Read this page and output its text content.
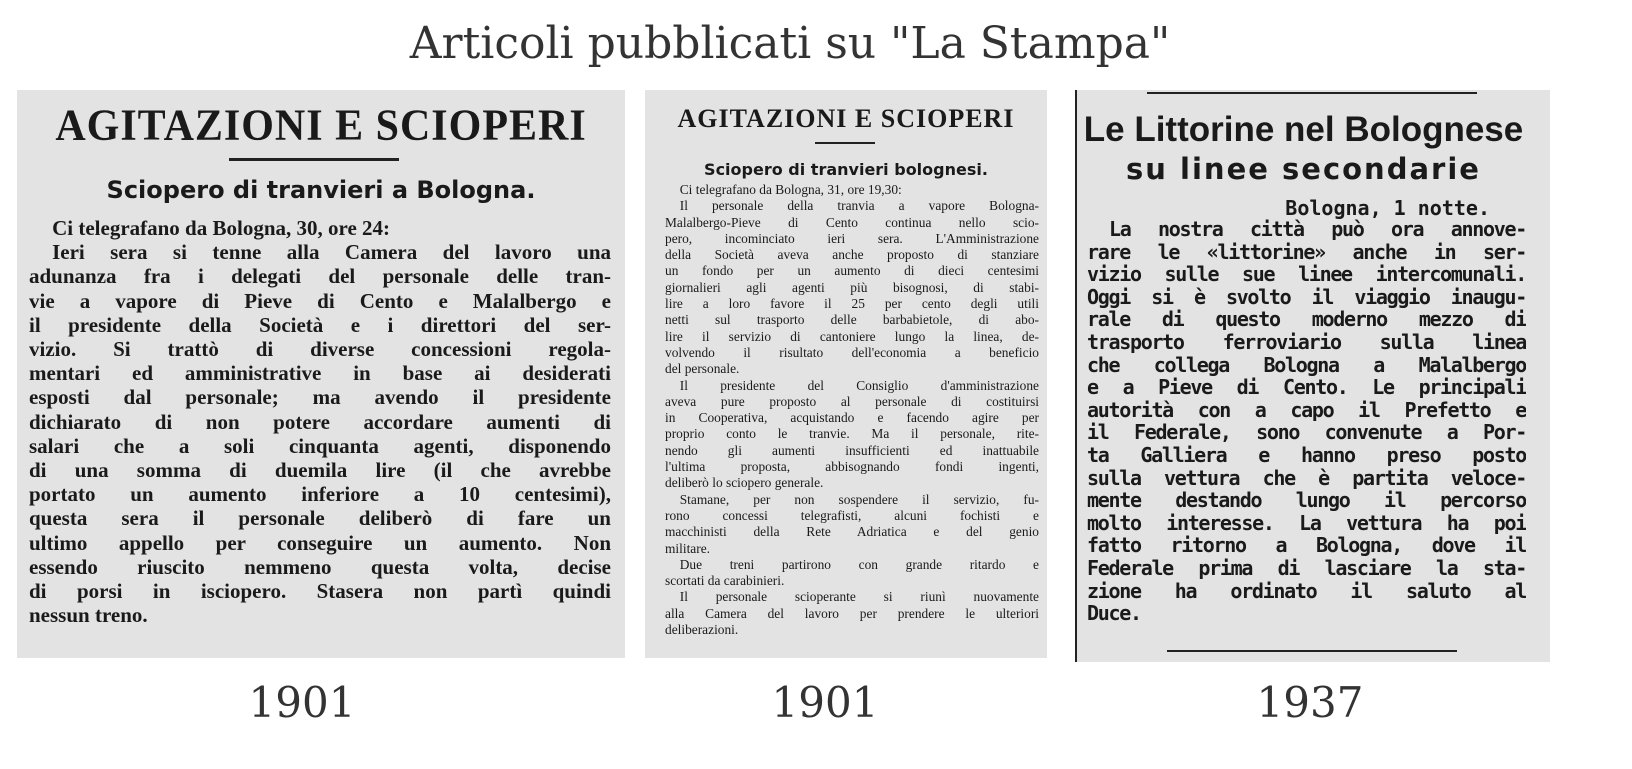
Articoli pubblicati su "La Stampa"
AGITAZIONI E SCIOPERI
Sciopero di tranvieri a Bologna.
Ci telegrafano da Bologna, 30, ore 24:
Ieri sera si tenne alla Camera del lavoro una
adunanza fra i delegati del personale delle tran-
vie a vapore di Pieve di Cento e Malalbergo e
il presidente della Società e i direttori del ser-
vizio. Si trattò di diverse concessioni regola-
mentari ed amministrative in base ai desiderati
esposti dal personale; ma avendo il presidente
dichiarato di non potere accordare aumenti di
salari che a soli cinquanta agenti, disponendo
di una somma di duemila lire (il che avrebbe
portato un aumento inferiore a 10 centesimi),
questa sera il personale deliberò di fare un
ultimo appello per conseguire un aumento. Non
essendo riuscito nemmeno questa volta, decise
di porsi in isciopero. Stasera non partì quindi
nessun treno.
1901
AGITAZIONI E SCIOPERI
Sciopero di tranvieri bolognesi.
Ci telegrafano da Bologna, 31, ore 19,30:
Il personale della tranvia a vapore Bologna-
Malalbergo-Pieve di Cento continua nello scio-
pero, incominciato ieri sera. L'Amministrazione
della Società aveva anche proposto di stanziare
un fondo per un aumento di dieci centesimi
giornalieri agli agenti più bisognosi, di stabi-
lire a loro favore il 25 per cento degli utili
netti sul trasporto delle barbabietole, di abo-
lire il servizio di cantoniere lungo la linea, de-
volvendo il risultato dell'economia a beneficio
del personale.
Il presidente del Consiglio d'amministrazione
aveva pure proposto al personale di costituirsi
in Cooperativa, acquistando e facendo agire per
proprio conto le tranvie. Ma il personale, rite-
nendo gli aumenti insufficienti ed inattuabile
l'ultima proposta, abbisognando fondi ingenti,
deliberò lo sciopero generale.
Stamane, per non sospendere il servizio, fu-
rono concessi telegrafisti, alcuni fochisti e
macchinisti della Rete Adriatica e del genio
militare.
Due treni partirono con grande ritardo e
scortati da carabinieri.
Il personale scioperante si riunì nuovamente
alla Camera del lavoro per prendere le ulteriori
deliberazioni.
1901
Le Littorine nel Bolognese
su linee secondarie
Bologna, 1 notte.
La nostra città può ora annove-
rare le «littorine» anche in ser-
vizio sulle sue linee intercomunali.
Oggi si è svolto il viaggio inaugu-
rale di questo moderno mezzo di
trasporto ferroviario sulla linea
che collega Bologna a Malalbergo
e a Pieve di Cento. Le principali
autorità con a capo il Prefetto e
il Federale, sono convenute a Por-
ta Galliera e hanno preso posto
sulla vettura che è partita velocе-
mente destando lungo il percorso
molto interesse. La vettura ha poi
fatto ritorno a Bologna, dove il
Federale prima di lasciare la sta-
zione ha ordinato il saluto al
Duce.
1937
